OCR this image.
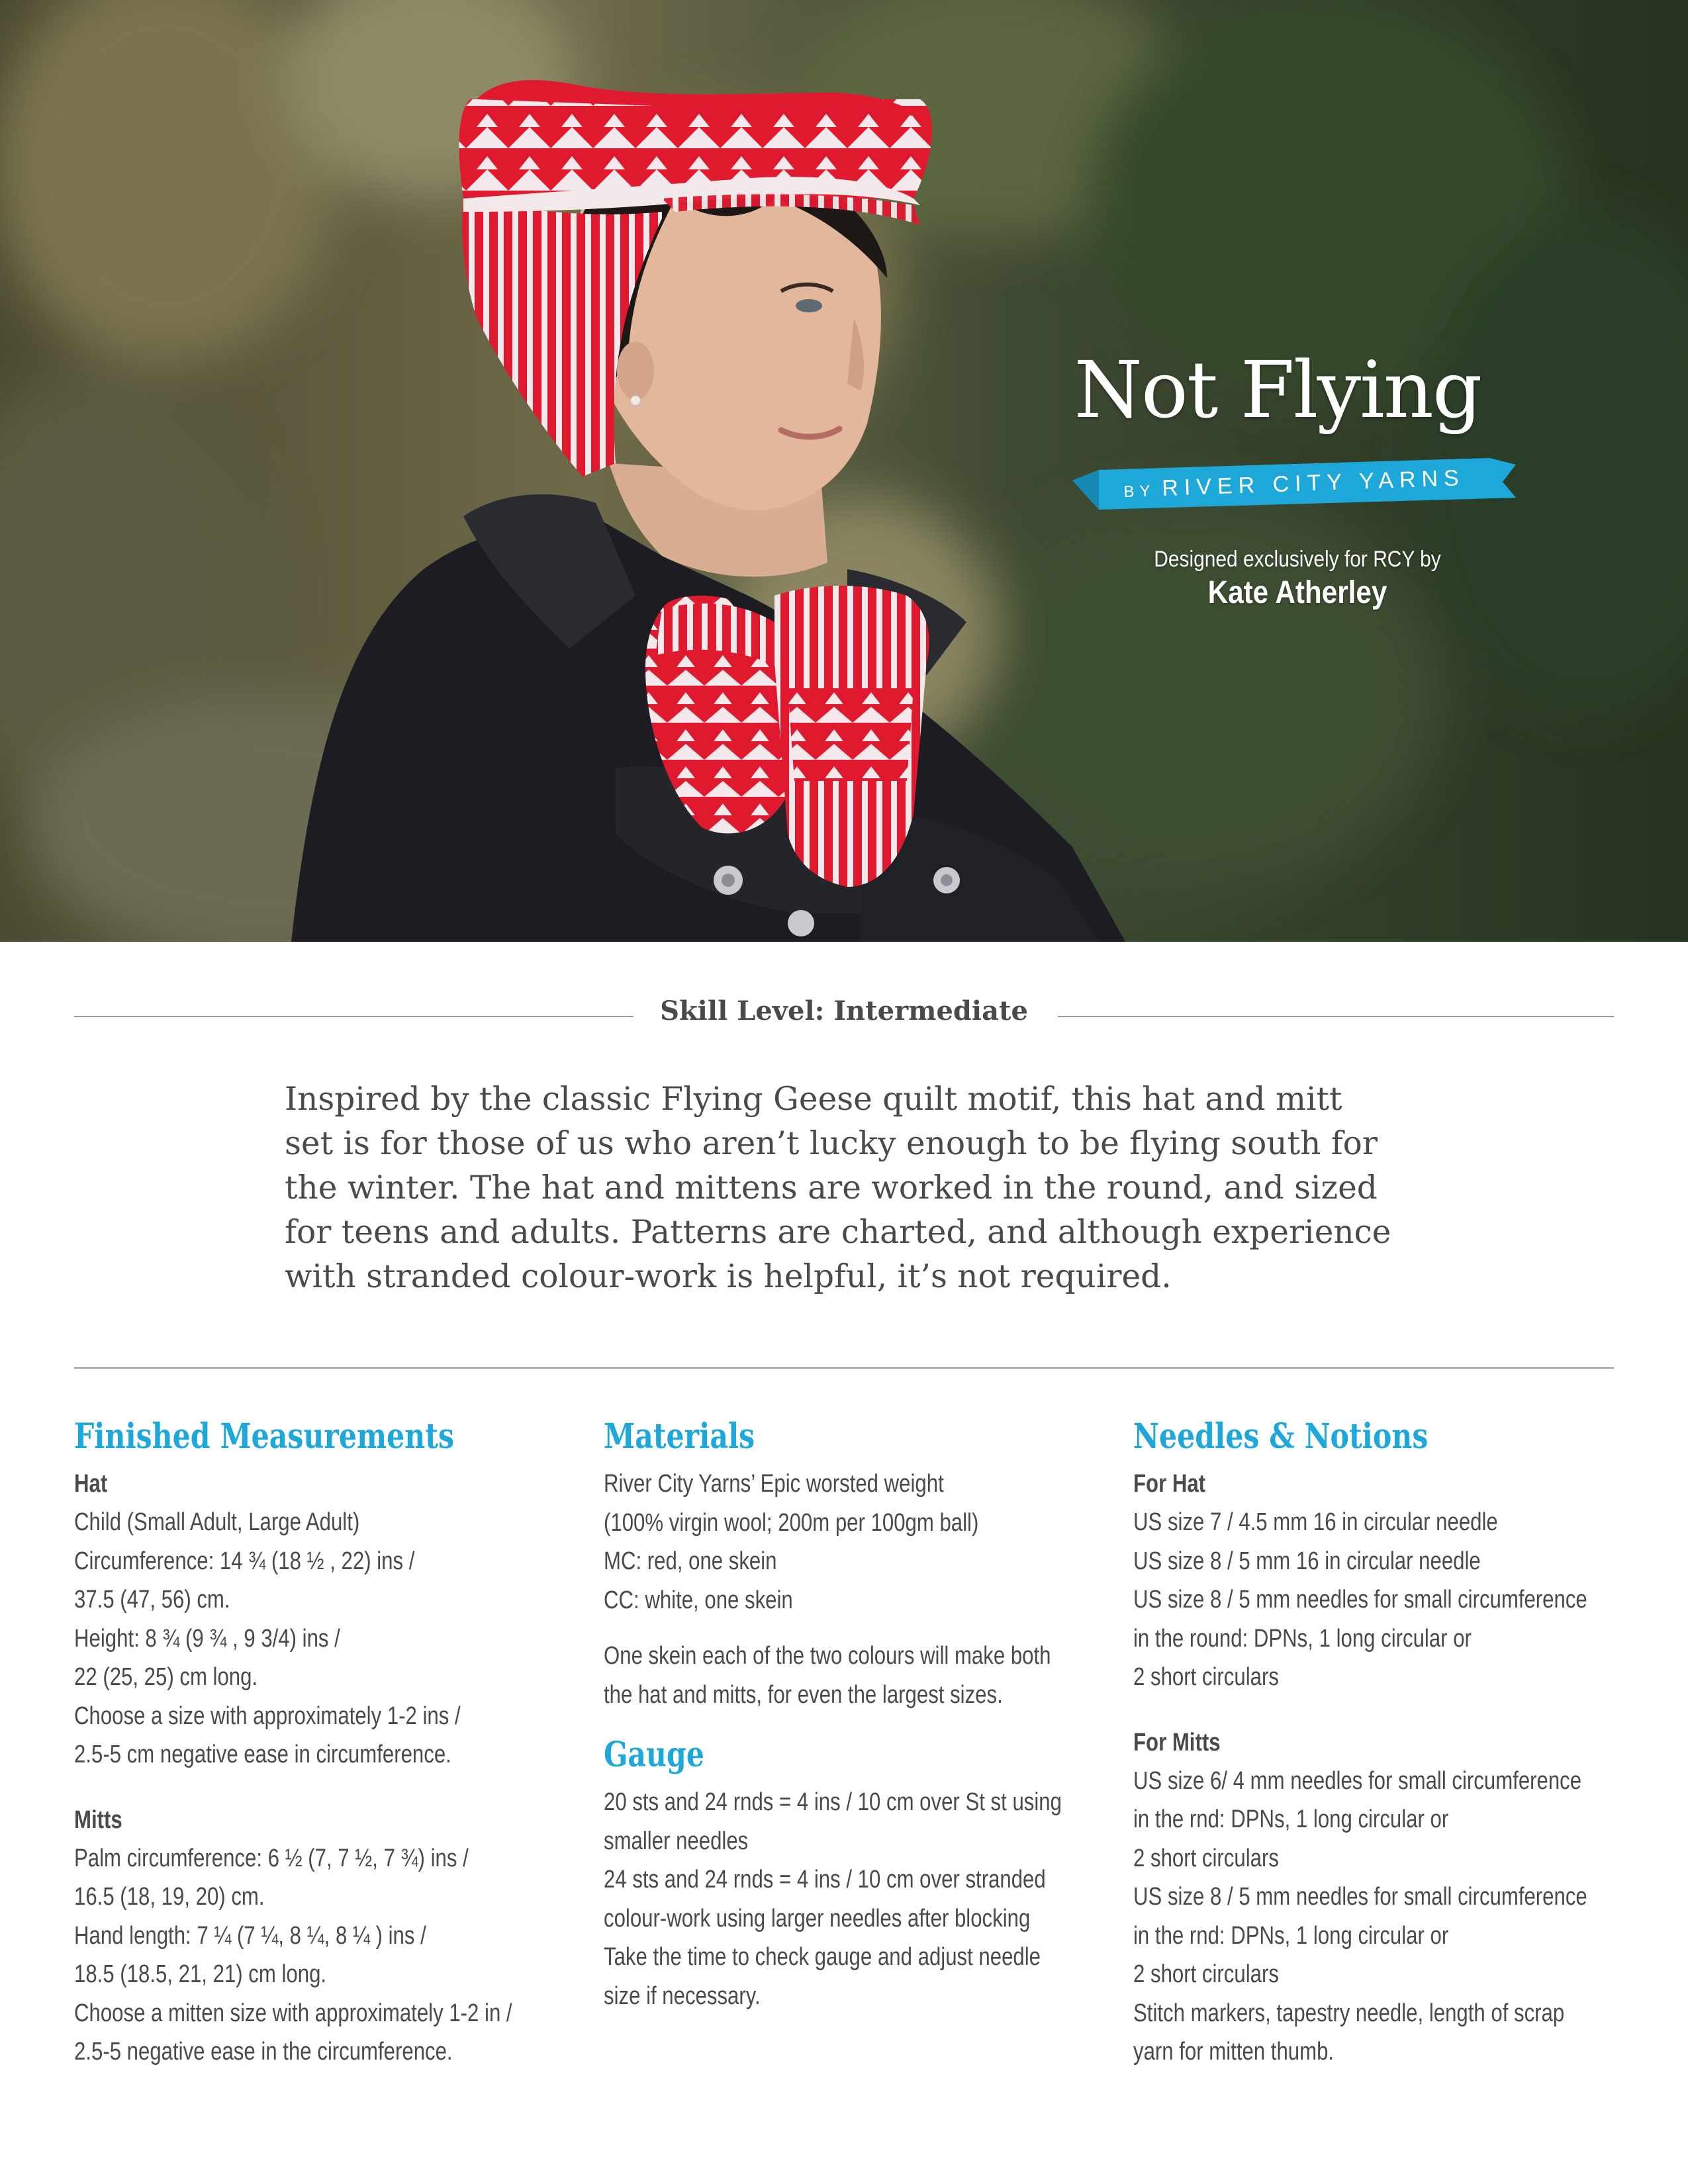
Not Flying
BY RIVER CITY YARNS
Designed exclusively for RCY by
Kate Atherley
Skill Level: Intermediate
Inspired by the classic Flying Geese quilt motif, this hat and mitt
set is for those of us who aren’t lucky enough to be flying south for
the winter. The hat and mittens are worked in the round, and sized
for teens and adults. Patterns are charted, and although experience
with stranded colour-work is helpful, it’s not required.
Finished Measurements

Hat

Child (Small Adult, Large Adult)
Circumference: 14 ¾ (18 ½ , 22) ins /
37.5 (47, 56) cm.
Height: 8 ¾ (9 ¾ , 9 3/4) ins /
22 (25, 25) cm long.
Choose a size with approximately 1-2 ins /
2.5-5 cm negative ease in circumference.

Mitts

Palm circumference: 6 ½ (7, 7 ½, 7 ¾) ins /
16.5 (18, 19, 20) cm.
Hand length: 7 ¼ (7 ¼, 8 ¼, 8 ¼ ) ins /
18.5 (18.5, 21, 21) cm long.
Choose a mitten size with approximately 1-2 in /
2.5-5 negative ease in the circumference.
Materials
River City Yarns’ Epic worsted weight
(100% virgin wool; 200m per 100gm ball)
MC: red, one skein
CC: white, one skein
One skein each of the two colours will make both
the hat and mitts, for even the largest sizes.
Gauge
20 sts and 24 rnds = 4 ins / 10 cm over St st using
smaller needles
24 sts and 24 rnds = 4 ins / 10 cm over stranded
colour-work using larger needles after blocking
Take the time to check gauge and adjust needle
size if necessary.
Needles & Notions

For Hat

US size 7 / 4.5 mm 16 in circular needle
US size 8 / 5 mm 16 in circular needle
US size 8 / 5 mm needles for small circumference
in the round: DPNs, 1 long circular or
2 short circulars

For Mitts

US size 6/ 4 mm needles for small circumference
in the rnd: DPNs, 1 long circular or
2 short circulars
US size 8 / 5 mm needles for small circumference
in the rnd: DPNs, 1 long circular or
2 short circulars
Stitch markers, tapestry needle, length of scrap
yarn for mitten thumb.
